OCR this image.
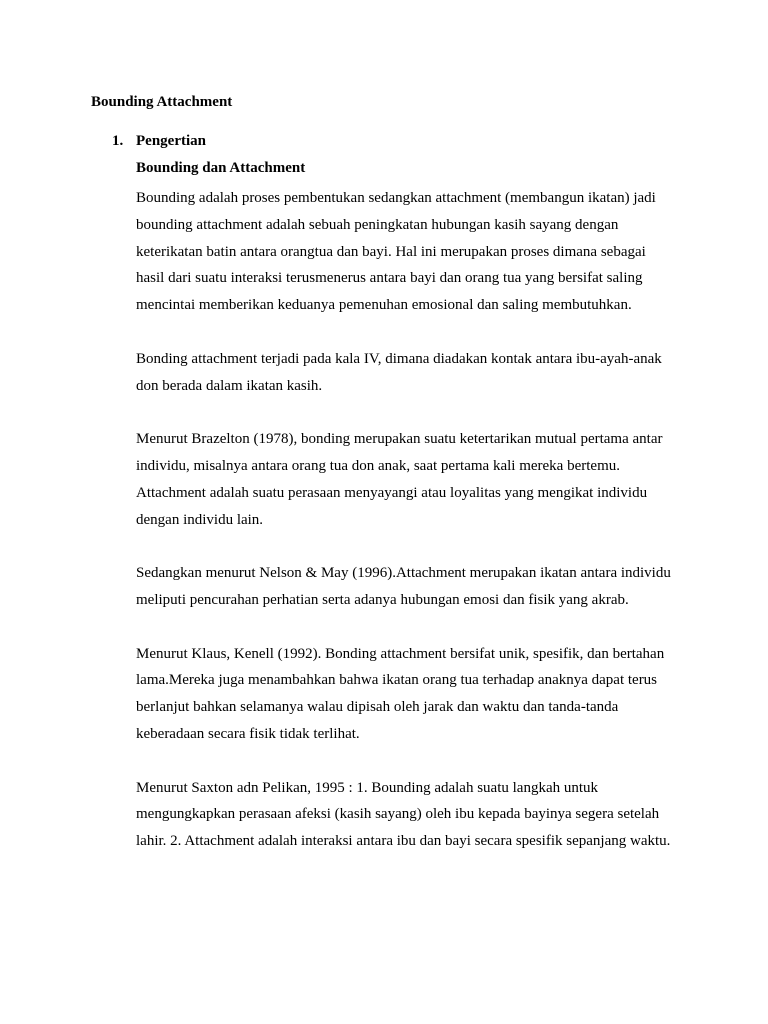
Bounding Attachment
1. Pengertian
Bounding dan Attachment

Bounding adalah proses pembentukan sedangkan attachment (membangun ikatan) jadi
bounding attachment adalah sebuah peningkatan hubungan kasih sayang dengan
keterikatan batin antara orangtua dan bayi. Hal ini merupakan proses dimana sebagai
hasil dari suatu interaksi terusmenerus antara bayi dan orang tua yang bersifat saling
mencintai memberikan keduanya pemenuhan emosional dan saling membutuhkan.

Bonding attachment terjadi pada kala IV, dimana diadakan kontak antara ibu-ayah-anak
don berada dalam ikatan kasih.

Menurut Brazelton (1978), bonding merupakan suatu ketertarikan mutual pertama antar
individu, misalnya antara orang tua don anak, saat pertama kali mereka bertemu.
Attachment adalah suatu perasaan menyayangi atau loyalitas yang mengikat individu
dengan individu lain.

Sedangkan menurut Nelson & May (1996).Attachment merupakan ikatan antara individu
meliputi pencurahan perhatian serta adanya hubungan emosi dan fisik yang akrab.

Menurut Klaus, Kenell (1992). Bonding attachment bersifat unik, spesifik, dan bertahan
lama.Mereka juga menambahkan bahwa ikatan orang tua terhadap anaknya dapat terus
berlanjut bahkan selamanya walau dipisah oleh jarak dan waktu dan tanda-tanda
keberadaan secara fisik tidak terlihat.

Menurut Saxton adn Pelikan, 1995 : 1. Bounding adalah suatu langkah untuk
mengungkapkan perasaan afeksi (kasih sayang) oleh ibu kepada bayinya segera setelah
lahir. 2. Attachment adalah interaksi antara ibu dan bayi secara spesifik sepanjang waktu.
